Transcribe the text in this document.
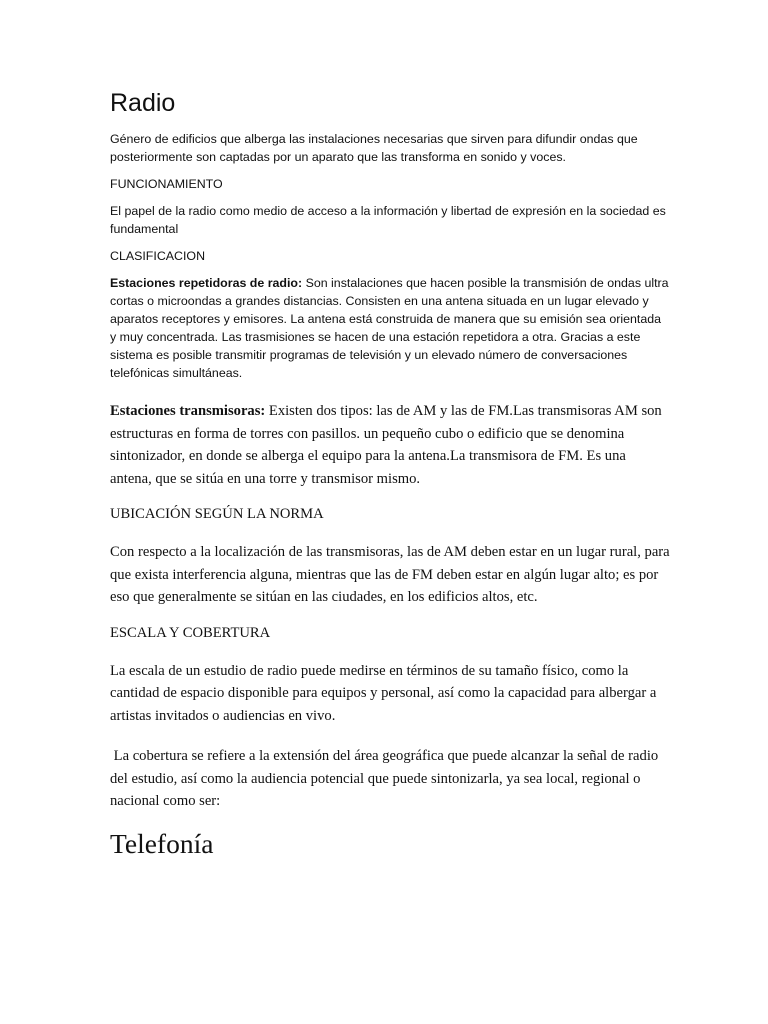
Radio

Género de edificios que alberga las instalaciones necesarias que sirven para difundir ondas que posteriormente son captadas por un aparato que las transforma en sonido y voces.

FUNCIONAMIENTO

El papel de la radio como medio de acceso a la información y libertad de expresión en la sociedad es fundamental

CLASIFICACION

Estaciones repetidoras de radio: Son instalaciones que hacen posible la transmisión de ondas ultra cortas o microondas a grandes distancias. Consisten en una antena situada en un lugar elevado y aparatos receptores y emisores. La antena está construida de manera que su emisión sea orientada y muy concentrada. Las trasmisiones se hacen de una estación repetidora a otra. Gracias a este sistema es posible transmitir programas de televisión y un elevado número de conversaciones telefónicas simultáneas.

Estaciones transmisoras: Existen dos tipos: las de AM y las de FM.Las transmisoras AM son estructuras en forma de torres con pasillos. un pequeño cubo o edificio que se denomina sintonizador, en donde se alberga el equipo para la antena.La transmisora de FM. Es una antena, que se sitúa en una torre y transmisor mismo.

UBICACIÓN SEGÚN LA NORMA

Con respecto a la localización de las transmisoras, las de AM deben estar en un lugar rural, para que exista interferencia alguna, mientras que las de FM deben estar en algún lugar alto; es por eso que generalmente se sitúan en las ciudades, en los edificios altos, etc.

ESCALA Y COBERTURA

La escala de un estudio de radio puede medirse en términos de su tamaño físico, como la cantidad de espacio disponible para equipos y personal, así como la capacidad para albergar a artistas invitados o audiencias en vivo.

La cobertura se refiere a la extensión del área geográfica que puede alcanzar la señal de radio del estudio, así como la audiencia potencial que puede sintonizarla, ya sea local, regional o nacional como ser:

Telefonía
